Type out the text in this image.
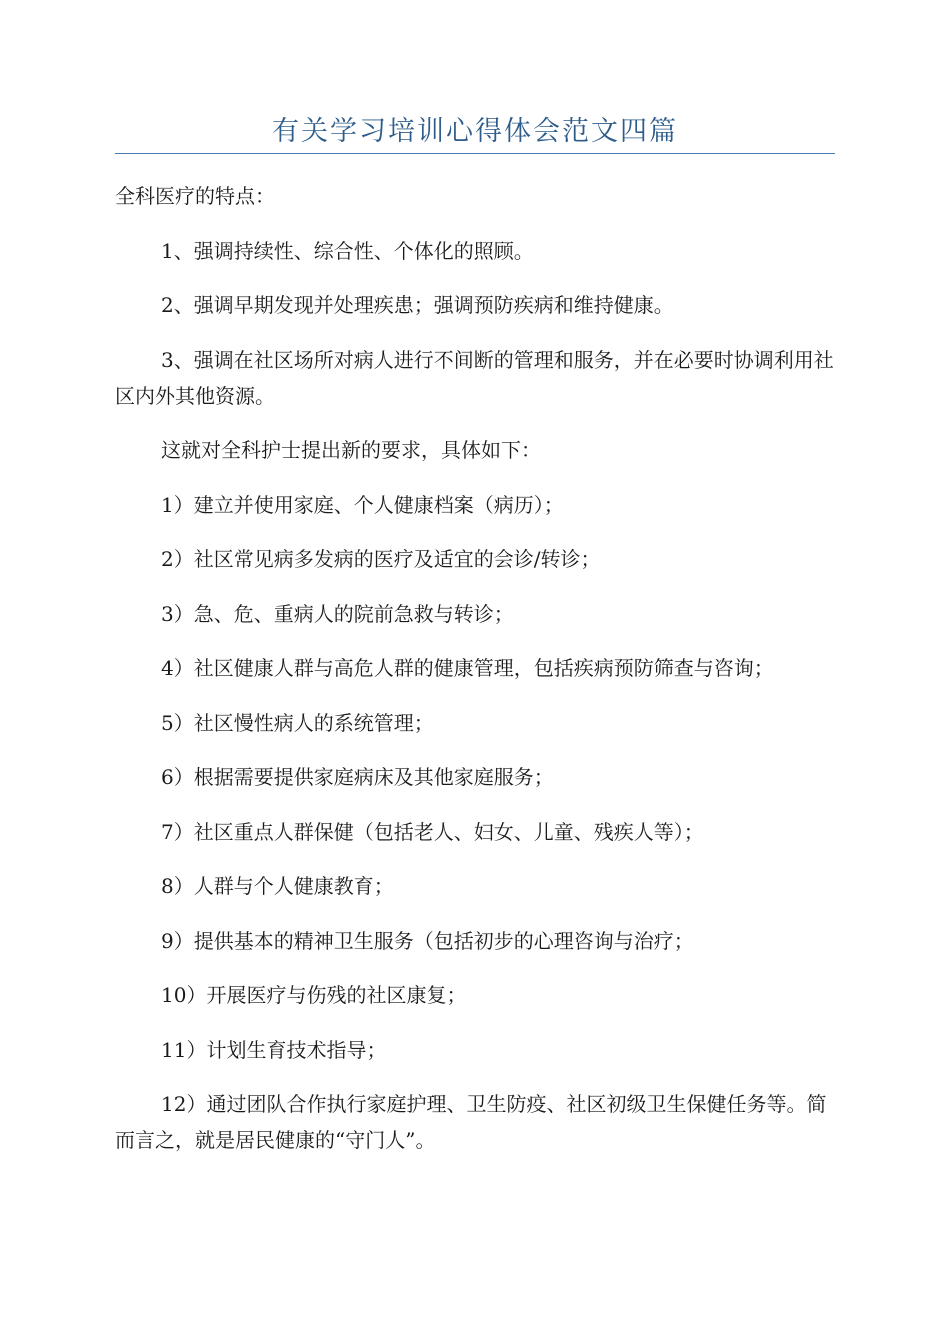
有关学习培训心得体会范文四篇

全科医疗的特点：

1、强调持续性、综合性、个体化的照顾。

2、强调早期发现并处理疾患；强调预防疾病和维持健康。

3、强调在社区场所对病人进行不间断的管理和服务，并在必要时协调利用社区内外其他资源。

这就对全科护士提出新的要求，具体如下：

1）建立并使用家庭、个人健康档案（病历）；

2）社区常见病多发病的医疗及适宜的会诊/转诊；

3）急、危、重病人的院前急救与转诊；

4）社区健康人群与高危人群的健康管理，包括疾病预防筛查与咨询；

5）社区慢性病人的系统管理；

6）根据需要提供家庭病床及其他家庭服务；

7）社区重点人群保健（包括老人、妇女、儿童、残疾人等）；

8）人群与个人健康教育；

9）提供基本的精神卫生服务（包括初步的心理咨询与治疗；

10）开展医疗与伤残的社区康复；

11）计划生育技术指导；

12）通过团队合作执行家庭护理、卫生防疫、社区初级卫生保健任务等。简而言之，就是居民健康的“守门人”。
